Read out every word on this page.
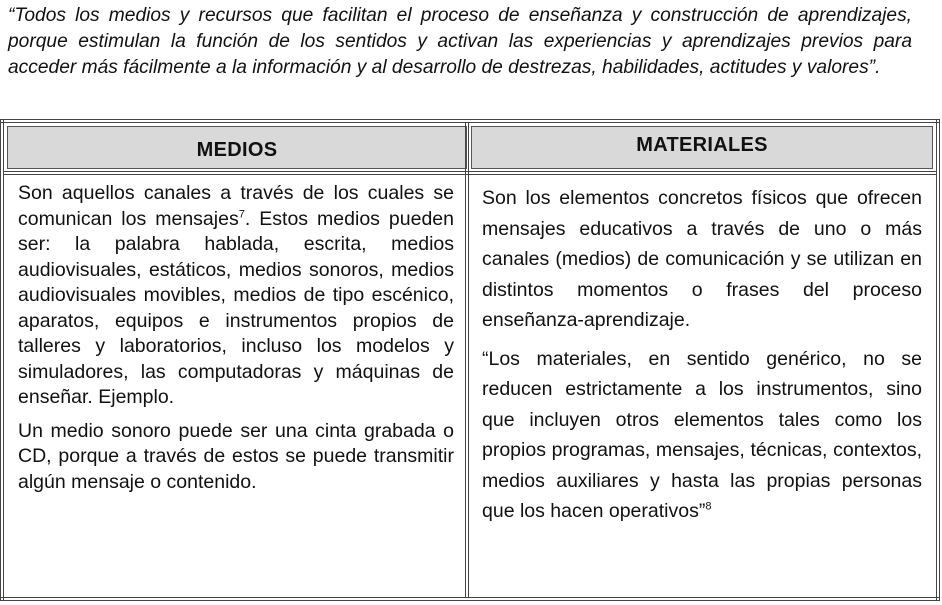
“Todos los medios y recursos que facilitan el proceso de enseñanza y construcción de aprendizajes, porque estimulan la función de los sentidos y activan las experiencias y aprendizajes previos para acceder más fácilmente a la información y al desarrollo de destrezas, habilidades, actitudes y valores”.

MEDIOS	MATERIALES

Son aquellos canales a través de los cuales se comunican los mensajes$^7$. Estos medios pueden ser: la palabra hablada, escrita, medios audiovisuales, estáticos, medios sonoros, medios audiovisuales movibles, medios de tipo escénico, aparatos, equipos e instrumentos propios de talleres y laboratorios, incluso los modelos y simuladores, las computadoras y máquinas de enseñar. Ejemplo.

Un medio sonoro puede ser una cinta grabada o CD, porque a través de estos se puede transmitir algún mensaje o contenido.

Son los elementos concretos físicos que ofrecen mensajes educativos a través de uno o más canales (medios) de comunicación y se utilizan en distintos momentos o frases del proceso enseñanza-aprendizaje.

“Los materiales, en sentido genérico, no se reducen estrictamente a los instrumentos, sino que incluyen otros elementos tales como los propios programas, mensajes, técnicas, contextos, medios auxiliares y hasta las propias personas que los hacen operativos”$^8$
